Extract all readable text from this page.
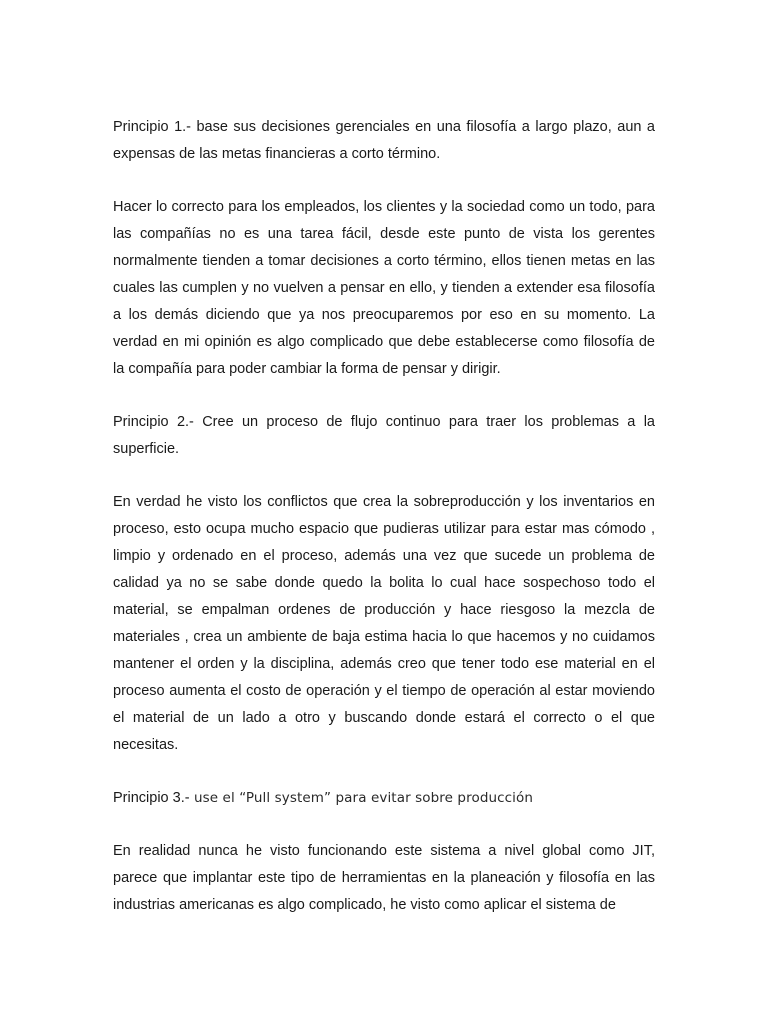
Principio 1.- base sus decisiones gerenciales en una filosofía a largo plazo, aun a expensas de las metas financieras a corto término.

Hacer lo correcto para los empleados, los clientes y la sociedad como un todo, para las compañías no es una tarea fácil, desde este punto de vista los gerentes normalmente tienden a tomar decisiones a corto término, ellos tienen metas en las cuales las cumplen y no vuelven a pensar en ello, y tienden a extender esa filosofía a los demás diciendo que ya nos preocuparemos por eso en su momento. La verdad en mi opinión es algo complicado que debe establecerse como filosofía de la compañía para poder cambiar la forma de pensar y dirigir.

Principio 2.- Cree un proceso de flujo continuo para traer los problemas a la superficie.

En verdad he visto los conflictos que crea la sobreproducción y los inventarios en proceso, esto ocupa mucho espacio que pudieras utilizar para estar mas cómodo , limpio y ordenado en el proceso, además una vez que sucede un problema de calidad ya no se sabe donde quedo la bolita lo cual hace sospechoso todo el material, se empalman ordenes de producción y hace riesgoso la mezcla de materiales , crea un ambiente de baja estima hacia lo que hacemos y no cuidamos mantener el orden y la disciplina, además creo que tener todo ese material en el proceso aumenta el costo de operación y el tiempo de operación al estar moviendo el material de un lado a otro y buscando donde estará el correcto o el que necesitas.

Principio 3.- use el “Pull system” para evitar sobre producción

En realidad nunca he visto funcionando este sistema a nivel global como JIT, parece que implantar este tipo de herramientas en la planeación y filosofía en las industrias americanas es algo complicado, he visto como aplicar el sistema de
